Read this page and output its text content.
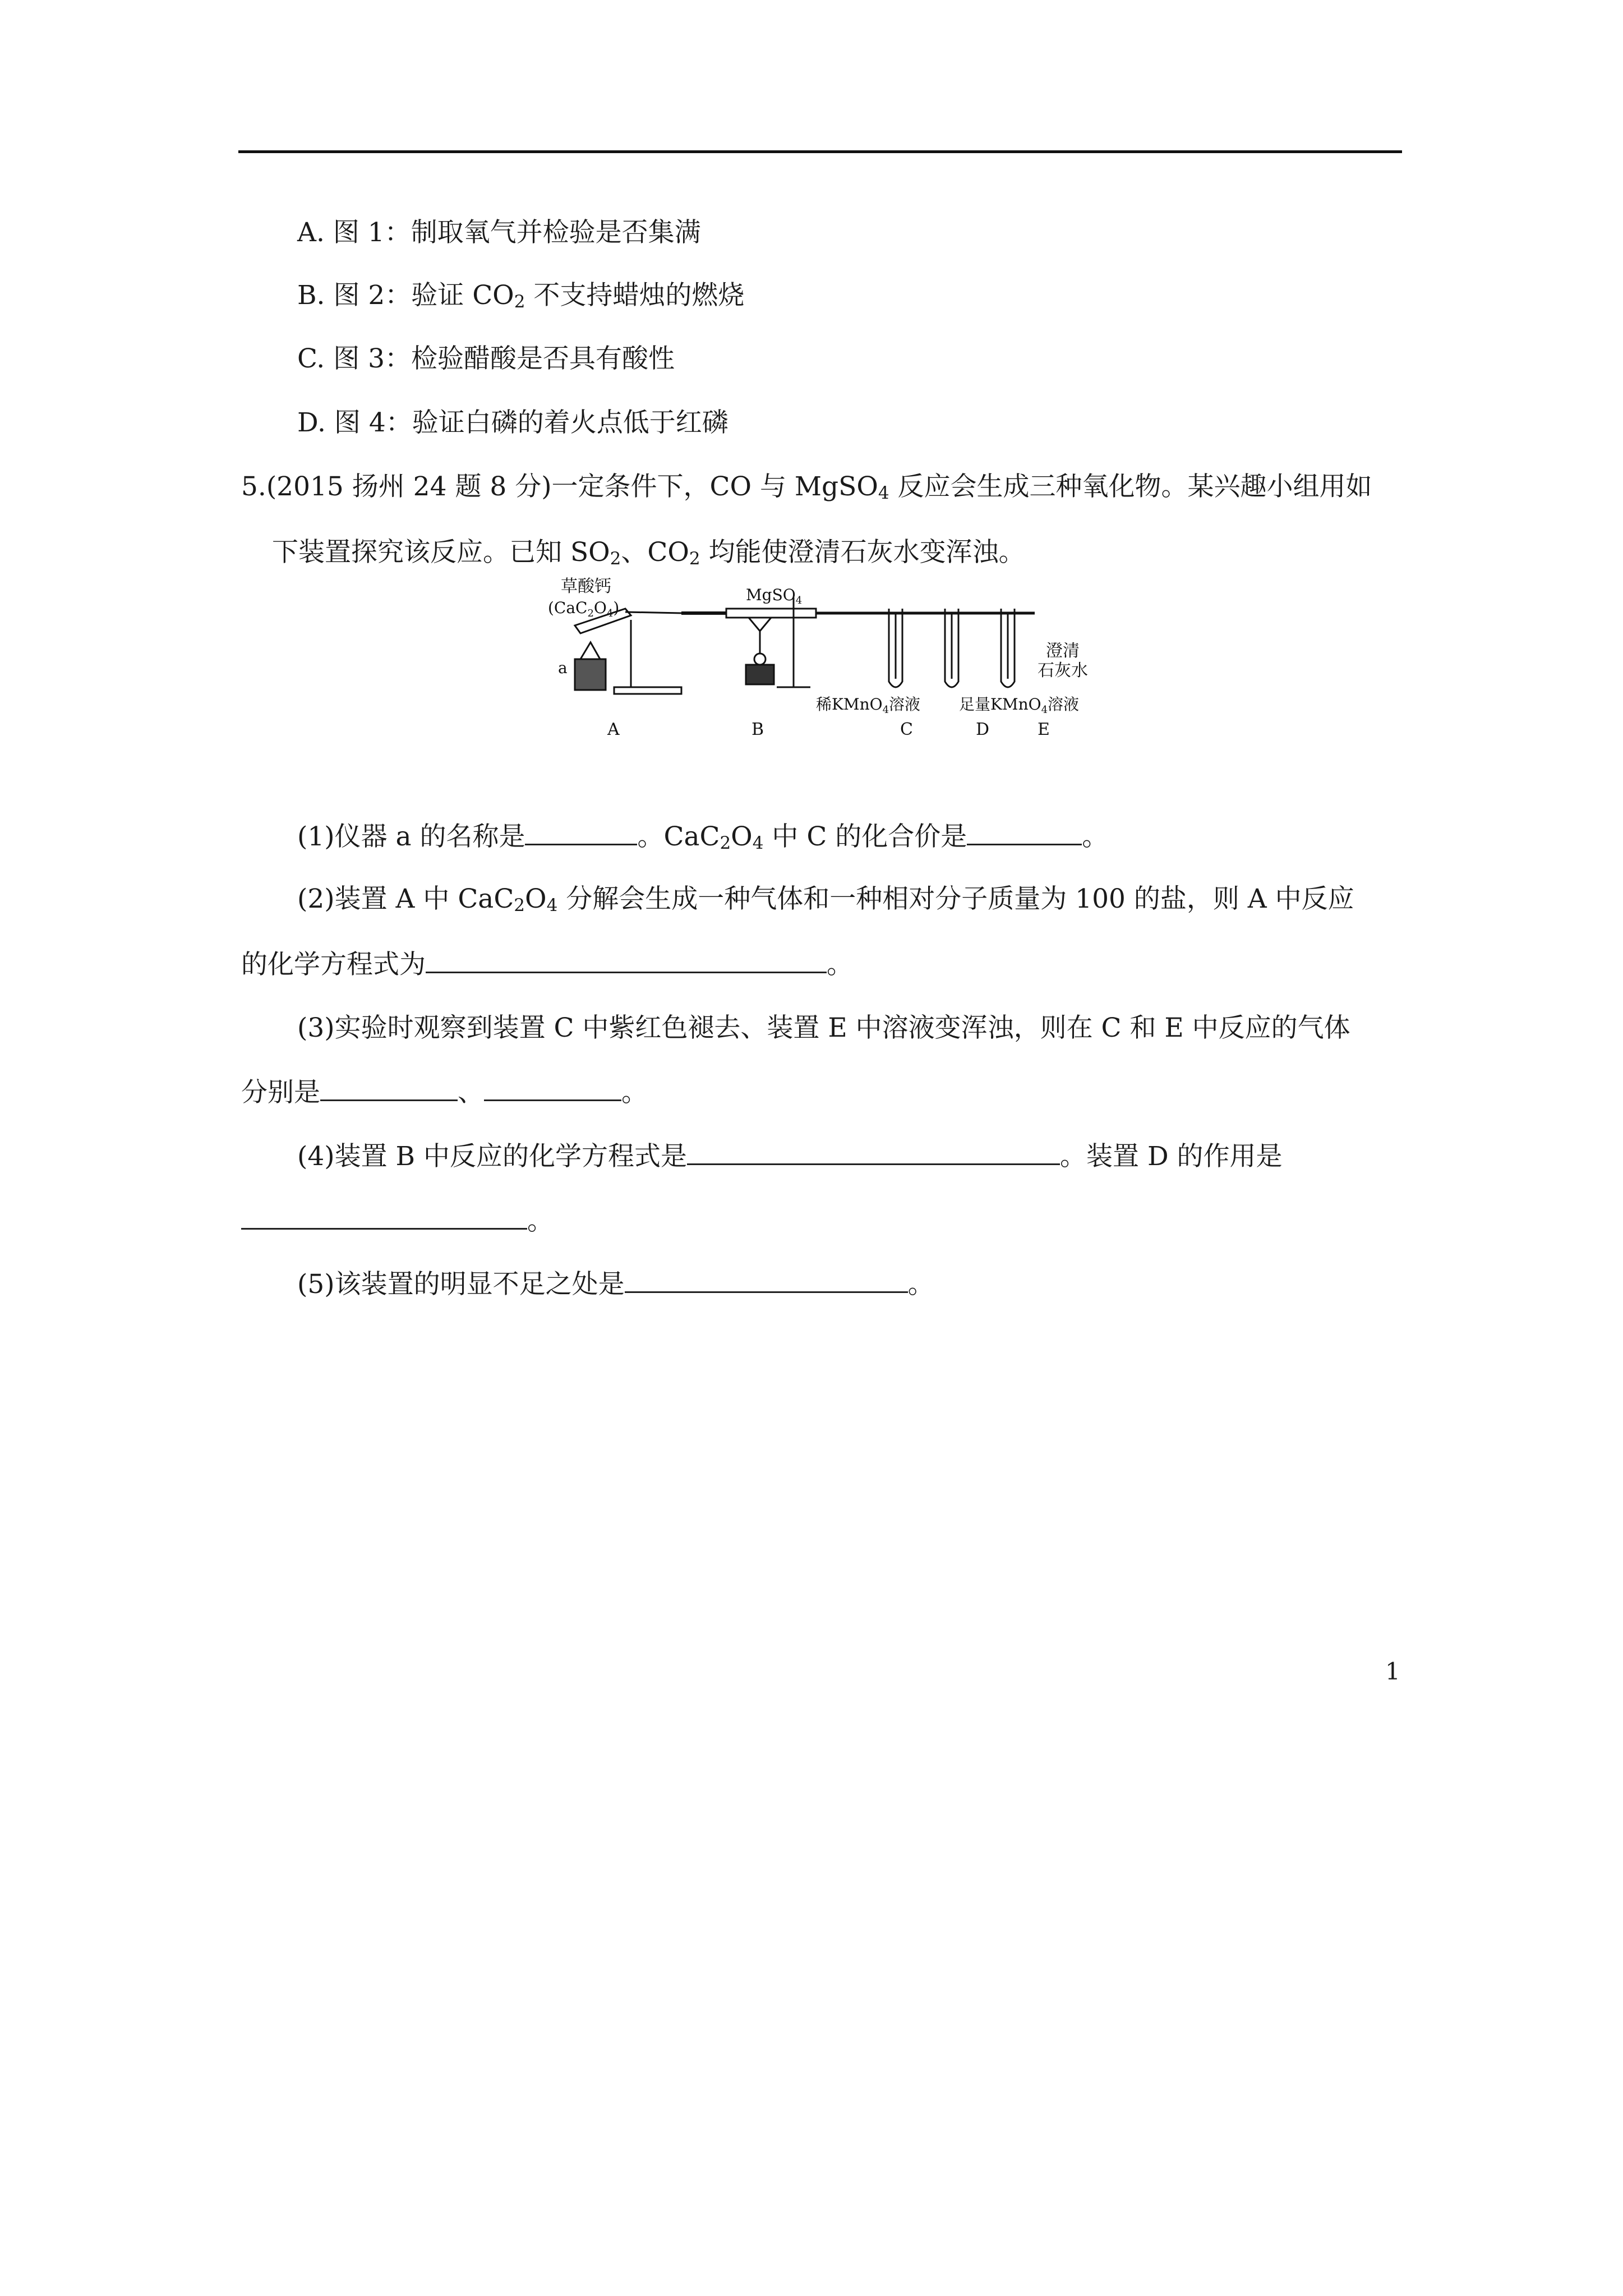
A. 图 1：制取氧气并检验是否集满
B. 图 2：验证 $CO_2$ 不支持蜡烛的燃烧
C. 图 3：检验醋酸是否具有酸性
D. 图 4：验证白磷的着火点低于红磷
5.(2015 扬州 24 题 8 分)一定条件下，CO 与 MgSO$_4$ 反应会生成三种氧化物。某兴趣小组用如
下装置探究该反应。已知 $SO_2$、$CO_2$ 均能使澄清石灰水变浑浊。
草酸钙
$(CaC_2O_4)$
a
MgSO$_4$
澄清
石灰水
稀KMnO$_4$溶液 足量KMnO$_4$溶液
A	B	C	D	E
(1)仪器 a 的名称是	。$CaC_2O_4$ 中 C 的化合价是	。
(2)装置 A 中 $CaC_2O_4$ 分解会生成一种气体和一种相对分子质量为 100 的盐，则 A 中反应
的化学方程式为	。
(3)实验时观察到装置 C 中紫红色褪去、装置 E 中溶液变浑浊，则在 C 和 E 中反应的气体
分别是	、	。
(4)装置 B 中反应的化学方程式是	。装置 D 的作用是
。
(5)该装置的明显不足之处是	。
1
